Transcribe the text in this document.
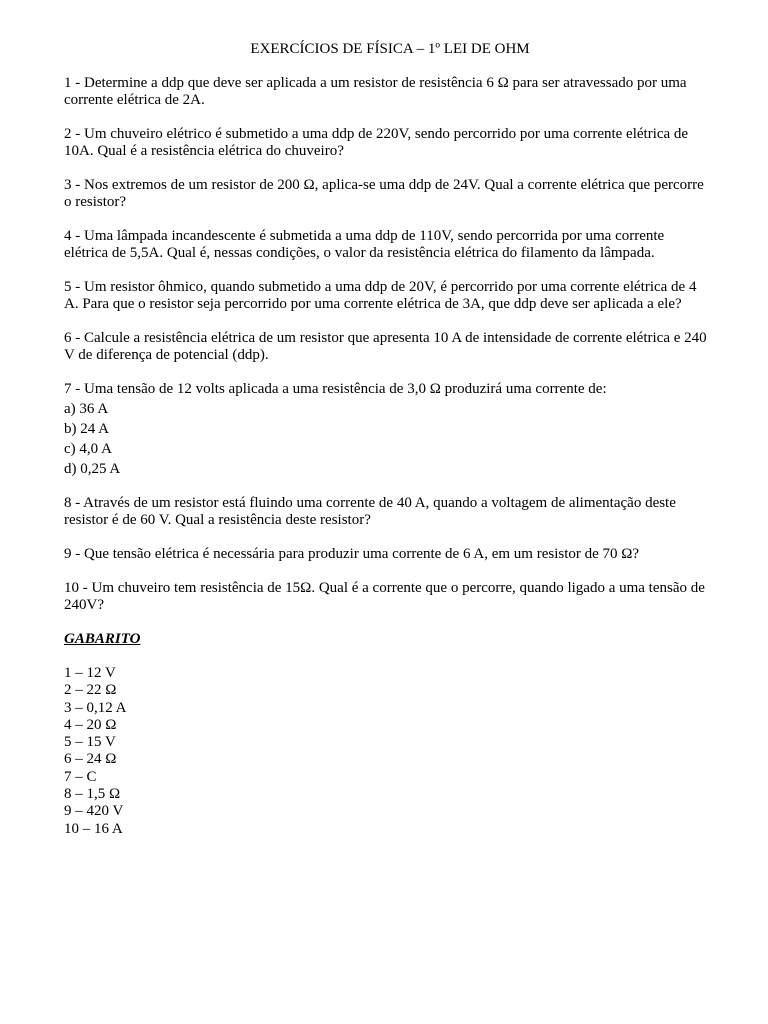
EXERCÍCIOS DE FÍSICA – 1º LEI DE OHM

1 - Determine a ddp que deve ser aplicada a um resistor de resistência 6 Ω para ser atravessado por uma corrente elétrica de 2A.

2 - Um chuveiro elétrico é submetido a uma ddp de 220V, sendo percorrido por uma corrente elétrica de 10A. Qual é a resistência elétrica do chuveiro?

3 - Nos extremos de um resistor de 200 Ω, aplica-se uma ddp de 24V. Qual a corrente elétrica que percorre o resistor?

4 - Uma lâmpada incandescente é submetida a uma ddp de 110V, sendo percorrida por uma corrente elétrica de 5,5A. Qual é, nessas condições, o valor da resistência elétrica do filamento da lâmpada.

5 - Um resistor ôhmico, quando submetido a uma ddp de 20V, é percorrido por uma corrente elétrica de 4 A. Para que o resistor seja percorrido por uma corrente elétrica de 3A, que ddp deve ser aplicada a ele?

6 - Calcule a resistência elétrica de um resistor que apresenta 10 A de intensidade de corrente elétrica e 240 V de diferença de potencial (ddp).

7 - Uma tensão de 12 volts aplicada a uma resistência de 3,0 Ω produzirá uma corrente de:

a) 36 A
b) 24 A
c) 4,0 A
d) 0,25 A

8 - Através de um resistor está fluindo uma corrente de 40 A, quando a voltagem de alimentação deste resistor é de 60 V. Qual a resistência deste resistor?

9 - Que tensão elétrica é necessária para produzir uma corrente de 6 A, em um resistor de 70 Ω?

10 - Um chuveiro tem resistência de 15Ω. Qual é a corrente que o percorre, quando ligado a uma tensão de 240V?

GABARITO
1 – 12 V
2 – 22 Ω
3 – 0,12 A
4 – 20 Ω
5 – 15 V
6 – 24 Ω
7 – C
8 – 1,5 Ω
9 – 420 V
10 – 16 A
